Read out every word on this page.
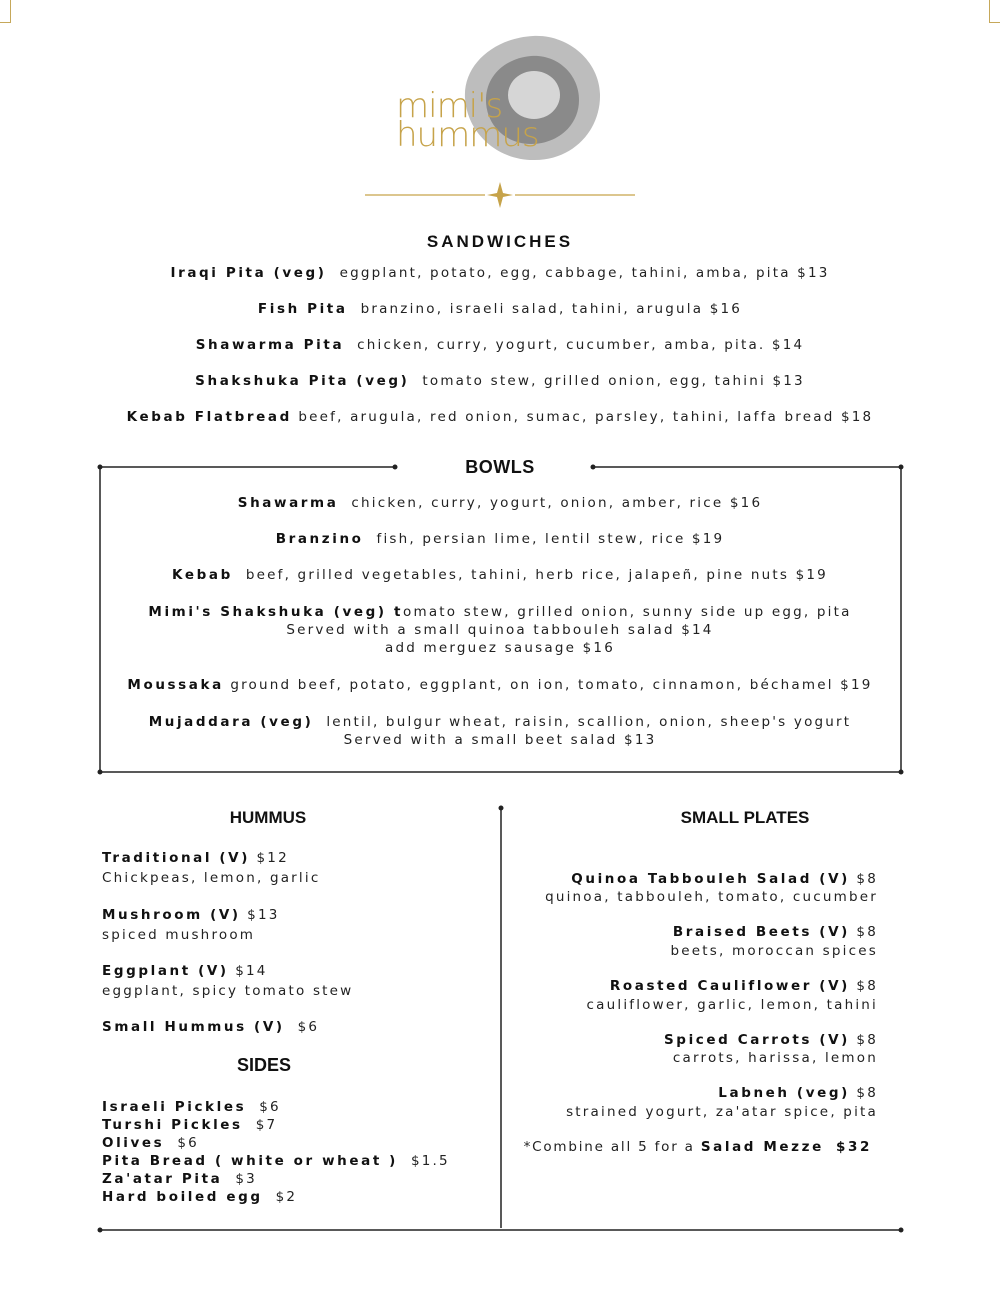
mimi's
hummus
SANDWICHES
Iraqi Pita (veg) eggplant, potato, egg, cabbage, tahini, amba, pita $13
Fish Pita branzino, israeli salad, tahini, arugula $16
Shawarma Pita chicken, curry, yogurt, cucumber, amba, pita. $14
Shakshuka Pita (veg) tomato stew, grilled onion, egg, tahini $13
Kebab Flatbread beef, arugula, red onion, sumac, parsley, tahini, laffa bread $18
BOWLS
Shawarma chicken, curry, yogurt, onion, amber, rice $16
Branzino fish, persian lime, lentil stew, rice $19
Kebab beef, grilled vegetables, tahini, herb rice, jalapeñ, pine nuts $19
Mimi's Shakshuka (veg) tomato stew, grilled onion, sunny side up egg, pita
Served with a small quinoa tabbouleh salad $14
add merguez sausage $16
Moussaka ground beef, potato, eggplant, on ion, tomato, cinnamon, béchamel $19
Mujaddara (veg) lentil, bulgur wheat, raisin, scallion, onion, sheep's yogurt
Served with a small beet salad $13
HUMMUS
Traditional (V) $12
Chickpeas, lemon, garlic
Mushroom (V) $13
spiced mushroom
Eggplant (V) $14
eggplant, spicy tomato stew
Small Hummus (V) $6
SIDES
Israeli Pickles $6
Turshi Pickles $7
Olives $6
Pita Bread ( white or wheat ) $1.5
Za'atar Pita $3
Hard boiled egg $2
SMALL PLATES
Quinoa Tabbouleh Salad (V) $8
quinoa, tabbouleh, tomato, cucumber
Braised Beets (V) $8
beets, moroccan spices
Roasted Cauliflower (V) $8
cauliflower, garlic, lemon, tahini
Spiced Carrots (V) $8
carrots, harissa, lemon
Labneh (veg) $8
strained yogurt, za'atar spice, pita
*Combine all 5 for a Salad Mezze $32
